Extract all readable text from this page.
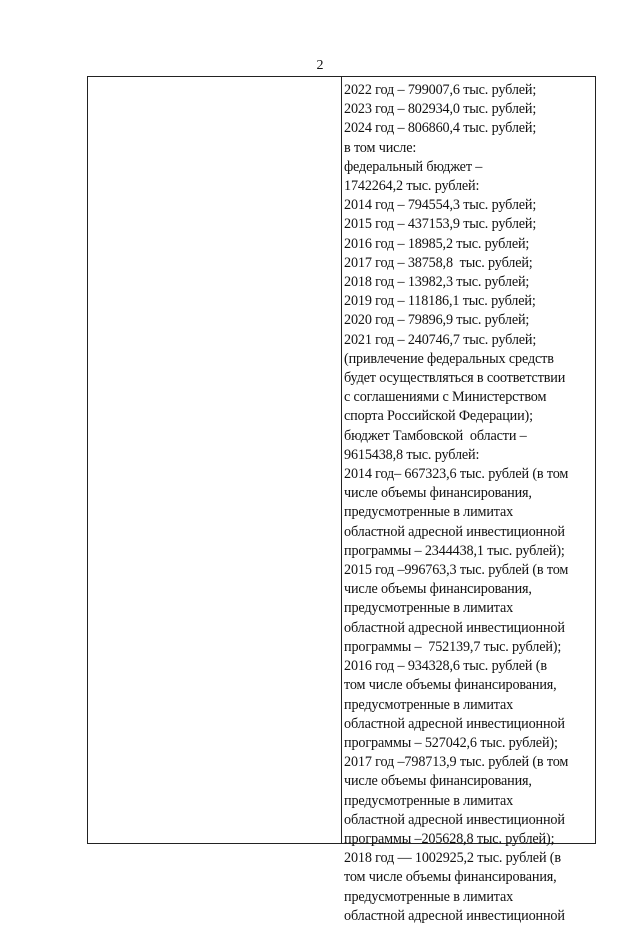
2
2022 год – 799007,6 тыс. рублей;
2023 год – 802934,0 тыс. рублей;
2024 год – 806860,4 тыс. рублей;
в том числе:
федеральный бюджет –
1742264,2 тыс. рублей:
2014 год – 794554,3 тыс. рублей;
2015 год – 437153,9 тыс. рублей;
2016 год – 18985,2 тыс. рублей;
2017 год – 38758,8  тыс. рублей;
2018 год – 13982,3 тыс. рублей;
2019 год – 118186,1 тыс. рублей;
2020 год – 79896,9 тыс. рублей;
2021 год – 240746,7 тыс. рублей;
(привлечение федеральных средств
будет осуществляться в соответствии
с соглашениями с Министерством
спорта Российской Федерации);
бюджет Тамбовской  области –
9615438,8 тыс. рублей:
2014 год– 667323,6 тыс. рублей (в том
числе объемы финансирования,
предусмотренные в лимитах
областной адресной инвестиционной
программы – 2344438,1 тыс. рублей);
2015 год –996763,3 тыс. рублей (в том
числе объемы финансирования,
предусмотренные в лимитах
областной адресной инвестиционной
программы –  752139,7 тыс. рублей);
2016 год – 934328,6 тыс. рублей (в
том числе объемы финансирования,
предусмотренные в лимитах
областной адресной инвестиционной
программы – 527042,6 тыс. рублей);
2017 год –798713,9 тыс. рублей (в том
числе объемы финансирования,
предусмотренные в лимитах
областной адресной инвестиционной
программы –205628,8 тыс. рублей);
2018 год — 1002925,2 тыс. рублей (в
том числе объемы финансирования,
предусмотренные в лимитах
областной адресной инвестиционной
